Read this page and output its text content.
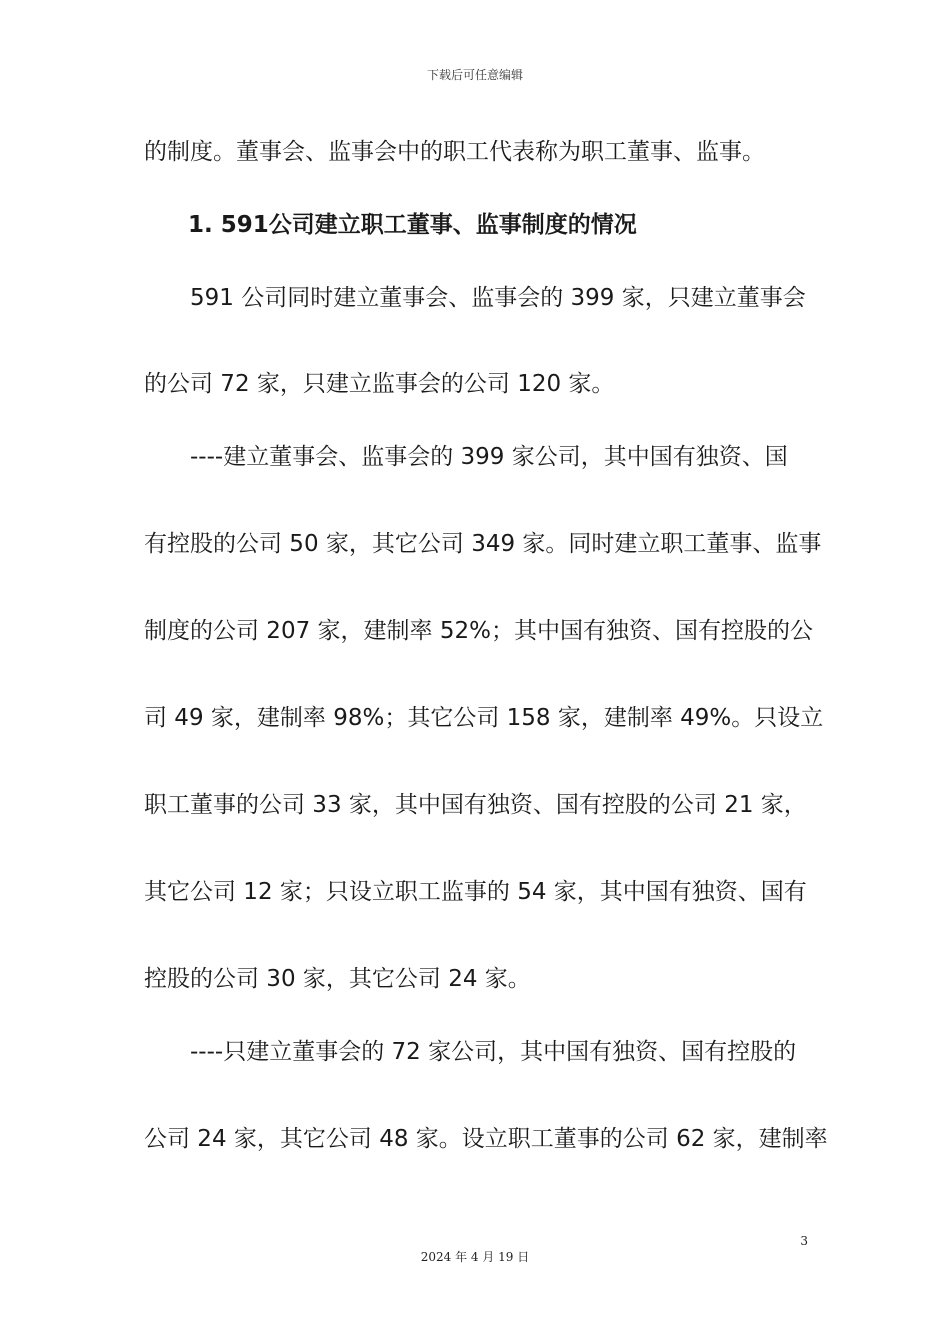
下载后可任意编辑
的制度。董事会、监事会中的职工代表称为职工董事、监事。
1. 591公司建立职工董事、监事制度的情况
591 公司同时建立董事会、监事会的 399 家，只建立董事会
的公司 72 家，只建立监事会的公司 120 家。
----建立董事会、监事会的 399 家公司，其中国有独资、国
有控股的公司 50 家，其它公司 349 家。同时建立职工董事、监事
制度的公司 207 家，建制率 52%；其中国有独资、国有控股的公
司 49 家，建制率 98%；其它公司 158 家，建制率 49%。只设立
职工董事的公司 33 家，其中国有独资、国有控股的公司 21 家，
其它公司 12 家；只设立职工监事的 54 家，其中国有独资、国有
控股的公司 30 家，其它公司 24 家。
----只建立董事会的 72 家公司，其中国有独资、国有控股的
公司 24 家，其它公司 48 家。设立职工董事的公司 62 家，建制率
3
2024 年 4 月 19 日
